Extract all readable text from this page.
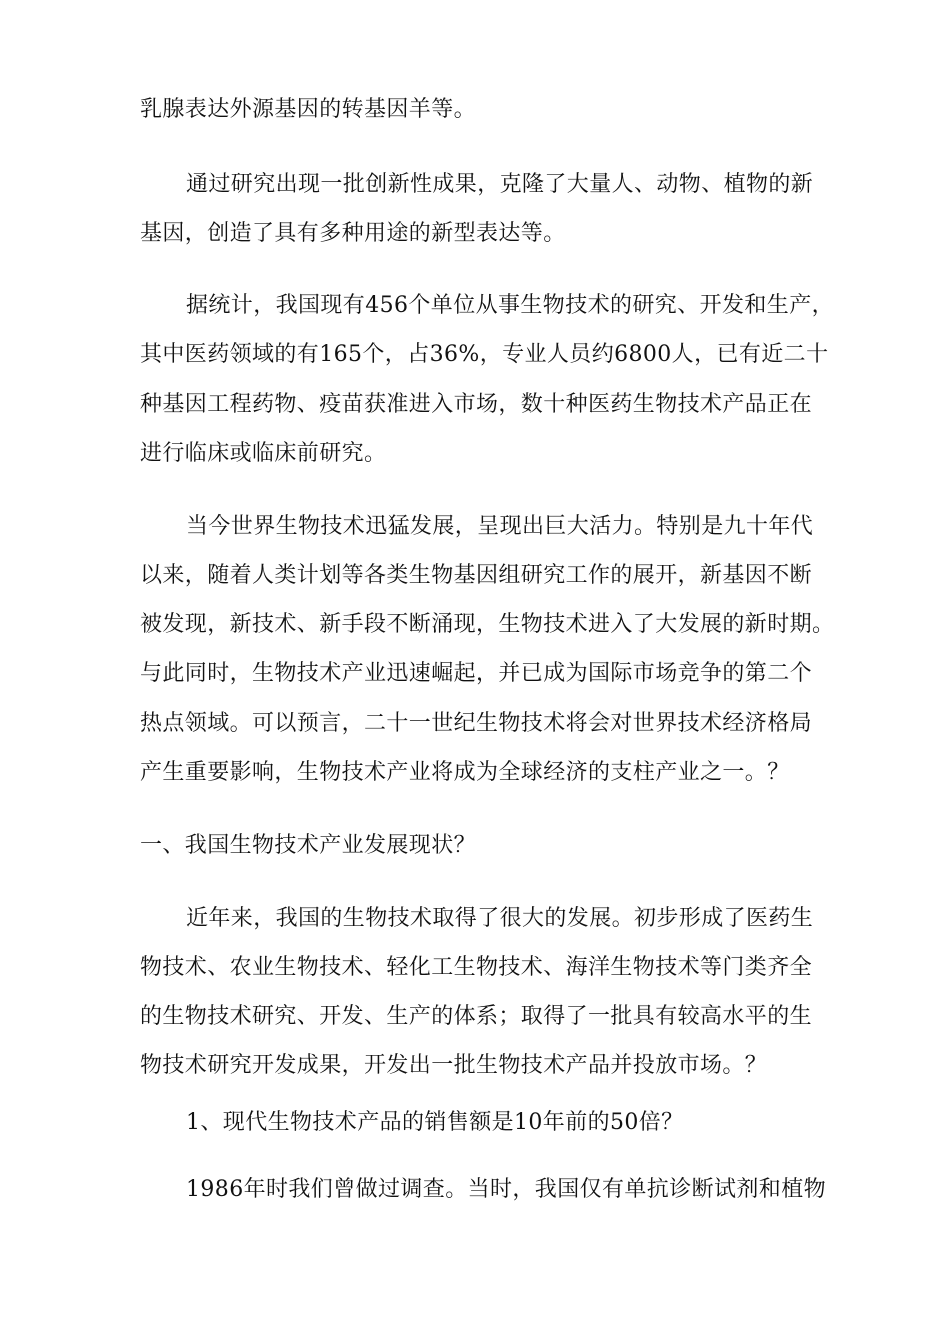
乳腺表达外源基因的转基因羊等。
通过研究出现一批创新性成果，克隆了大量人、动物、植物的新
基因，创造了具有多种用途的新型表达等。
据统计，我国现有456个单位从事生物技术的研究、开发和生产，
其中医药领域的有165个，占36%，专业人员约6800人，已有近二十
种基因工程药物、疫苗获准进入市场，数十种医药生物技术产品正在
进行临床或临床前研究。
当今世界生物技术迅猛发展，呈现出巨大活力。特别是九十年代
以来，随着人类计划等各类生物基因组研究工作的展开，新基因不断
被发现，新技术、新手段不断涌现，生物技术进入了大发展的新时期。
与此同时，生物技术产业迅速崛起，并已成为国际市场竞争的第二个
热点领域。可以预言，二十一世纪生物技术将会对世界技术经济格局
产生重要影响，生物技术产业将成为全球经济的支柱产业之一。？
一、我国生物技术产业发展现状？
近年来，我国的生物技术取得了很大的发展。初步形成了医药生
物技术、农业生物技术、轻化工生物技术、海洋生物技术等门类齐全
的生物技术研究、开发、生产的体系；取得了一批具有较高水平的生
物技术研究开发成果，开发出一批生物技术产品并投放市场。？
1、现代生物技术产品的销售额是10年前的50倍？
1986年时我们曾做过调查。当时，我国仅有单抗诊断试剂和植物
